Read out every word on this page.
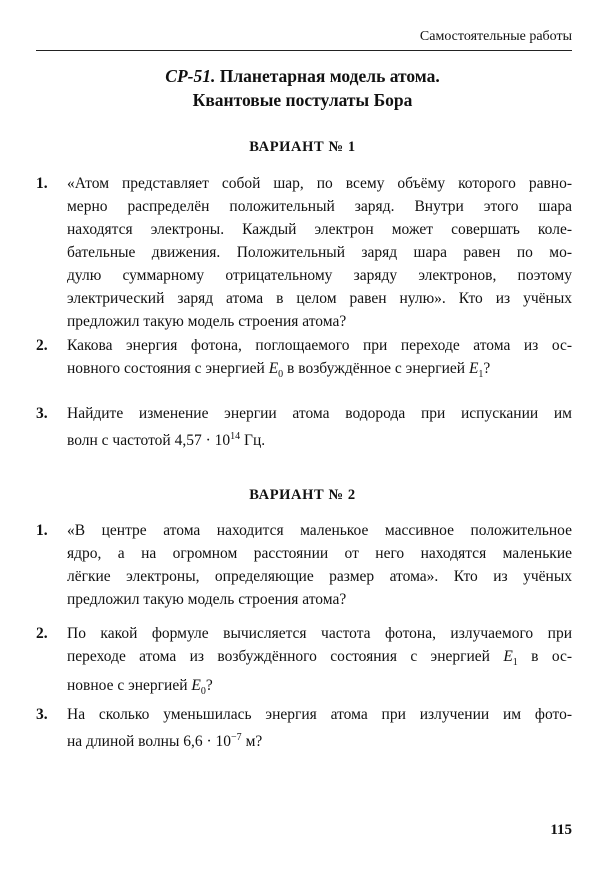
Самостоятельные работы
СР-51. Планетарная модель атома.
Квантовые постулаты Бора
ВАРИАНТ № 1
1. «Атом представляет собой шар, по всему объёму которого равно-
мерно распределён положительный заряд. Внутри этого шара
находятся электроны. Каждый электрон может совершать коле-
бательные движения. Положительный заряд шара равен по мо-
дулю суммарному отрицательному заряду электронов, поэтому
электрический заряд атома в целом равен нулю». Кто из учёных
предложил такую модель строения атома?
2. Какова энергия фотона, поглощаемого при переходе атома из ос-
новного состояния с энергией $E_0$ в возбуждённое с энергией $E_1$?
3. Найдите изменение энергии атома водорода при испускании им
волн с частотой $4,57 \cdot 10^{14}$ Гц.
ВАРИАНТ № 2
1. «В центре атома находится маленькое массивное положительное
ядро, а на огромном расстоянии от него находятся маленькие
лёгкие электроны, определяющие размер атома». Кто из учёных
предложил такую модель строения атома?
2. По какой формуле вычисляется частота фотона, излучаемого при
переходе атома из возбуждённого состояния с энергией $E_1$ в ос-
новное с энергией $E_0$?
3. На сколько уменьшилась энергия атома при излучении им фото-
на длиной волны $6,6 \cdot 10^{-7}$ м?
115
